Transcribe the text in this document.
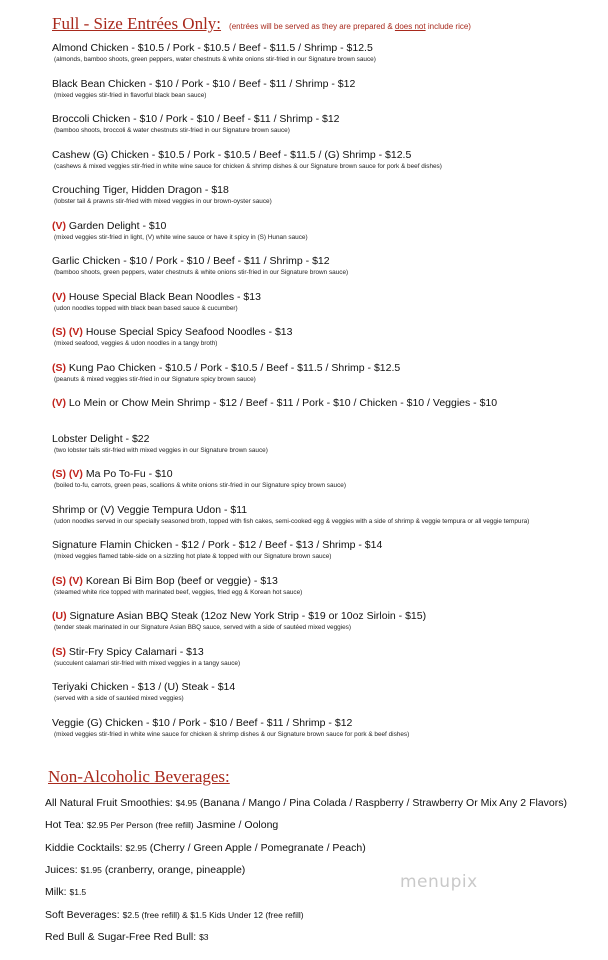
Full - Size Entrées Only: (entrées will be served as they are prepared & does not include rice)
Almond Chicken - $10.5 / Pork - $10.5 / Beef - $11.5 / Shrimp - $12.5
(almonds, bamboo shoots, green peppers, water chestnuts & white onions stir-fried in our Signature brown sauce)
Black Bean Chicken - $10 / Pork - $10 / Beef - $11 / Shrimp - $12
(mixed veggies stir-fried in flavorful black bean sauce)
Broccoli Chicken - $10 / Pork - $10 / Beef - $11 / Shrimp - $12
(bamboo shoots, broccoli & water chestnuts stir-fried in our Signature brown sauce)
Cashew (G) Chicken - $10.5 / Pork - $10.5 / Beef - $11.5 / (G) Shrimp - $12.5
(cashews & mixed veggies stir-fried in white wine sauce for chicken & shrimp dishes & our Signature brown sauce for pork & beef dishes)
Crouching Tiger, Hidden Dragon - $18
(lobster tail & prawns stir-fried with mixed veggies in our brown-oyster sauce)
(V) Garden Delight - $10
(mixed veggies stir-fried in light, (V) white wine sauce or have it spicy in (S) Hunan sauce)
Garlic Chicken - $10 / Pork - $10 / Beef - $11 / Shrimp - $12
(bamboo shoots, green peppers, water chestnuts & white onions stir-fried in our Signature brown sauce)
(V) House Special Black Bean Noodles - $13
(udon noodles topped with black bean based sauce & cucumber)
(S) (V) House Special Spicy Seafood Noodles - $13
(mixed seafood, veggies & udon noodles in a tangy broth)
(S) Kung Pao Chicken - $10.5 / Pork - $10.5 / Beef - $11.5 / Shrimp - $12.5
(peanuts & mixed veggies stir-fried in our Signature spicy brown sauce)
(V) Lo Mein or Chow Mein Shrimp - $12 / Beef - $11 / Pork - $10 / Chicken - $10 / Veggies - $10
Lobster Delight - $22
(two lobster tails stir-fried with mixed veggies in our Signature brown sauce)
(S) (V) Ma Po To-Fu - $10
(boiled to-fu, carrots, green peas, scallions & white onions stir-fried in our Signature spicy brown sauce)
Shrimp or (V) Veggie Tempura Udon - $11
(udon noodles served in our specially seasoned broth, topped with fish cakes, semi-cooked egg & veggies with a side of shrimp & veggie tempura or all veggie tempura)
Signature Flamin Chicken - $12 / Pork - $12 / Beef - $13 / Shrimp - $14
(mixed veggies flamed table-side on a sizzling hot plate & topped with our Signature brown sauce)
(S) (V) Korean Bi Bim Bop (beef or veggie) - $13
(steamed white rice topped with marinated beef, veggies, fried egg & Korean hot sauce)
(U) Signature Asian BBQ Steak (12oz New York Strip - $19 or 10oz Sirloin - $15)
(tender steak marinated in our Signature Asian BBQ sauce, served with a side of sautéed mixed veggies)
(S) Stir-Fry Spicy Calamari - $13
(succulent calamari stir-fried with mixed veggies in a tangy sauce)
Teriyaki Chicken - $13 / (U) Steak - $14
(served with a side of sautéed mixed veggies)
Veggie (G) Chicken - $10 / Pork - $10 / Beef - $11 / Shrimp - $12
(mixed veggies stir-fried in white wine sauce for chicken & shrimp dishes & our Signature brown sauce for pork & beef dishes)
Non-Alcoholic Beverages:
All Natural Fruit Smoothies: $4.95 (Banana / Mango / Pina Colada / Raspberry / Strawberry Or Mix Any 2 Flavors)
Hot Tea: $2.95 Per Person (free refill) Jasmine / Oolong
Kiddie Cocktails: $2.95 (Cherry / Green Apple / Pomegranate / Peach)
Juices: $1.95 (cranberry, orange, pineapple)
Milk: $1.5
Soft Beverages: $2.5 (free refill) & $1.5 Kids Under 12 (free refill)
Red Bull & Sugar-Free Red Bull: $3
menupix
